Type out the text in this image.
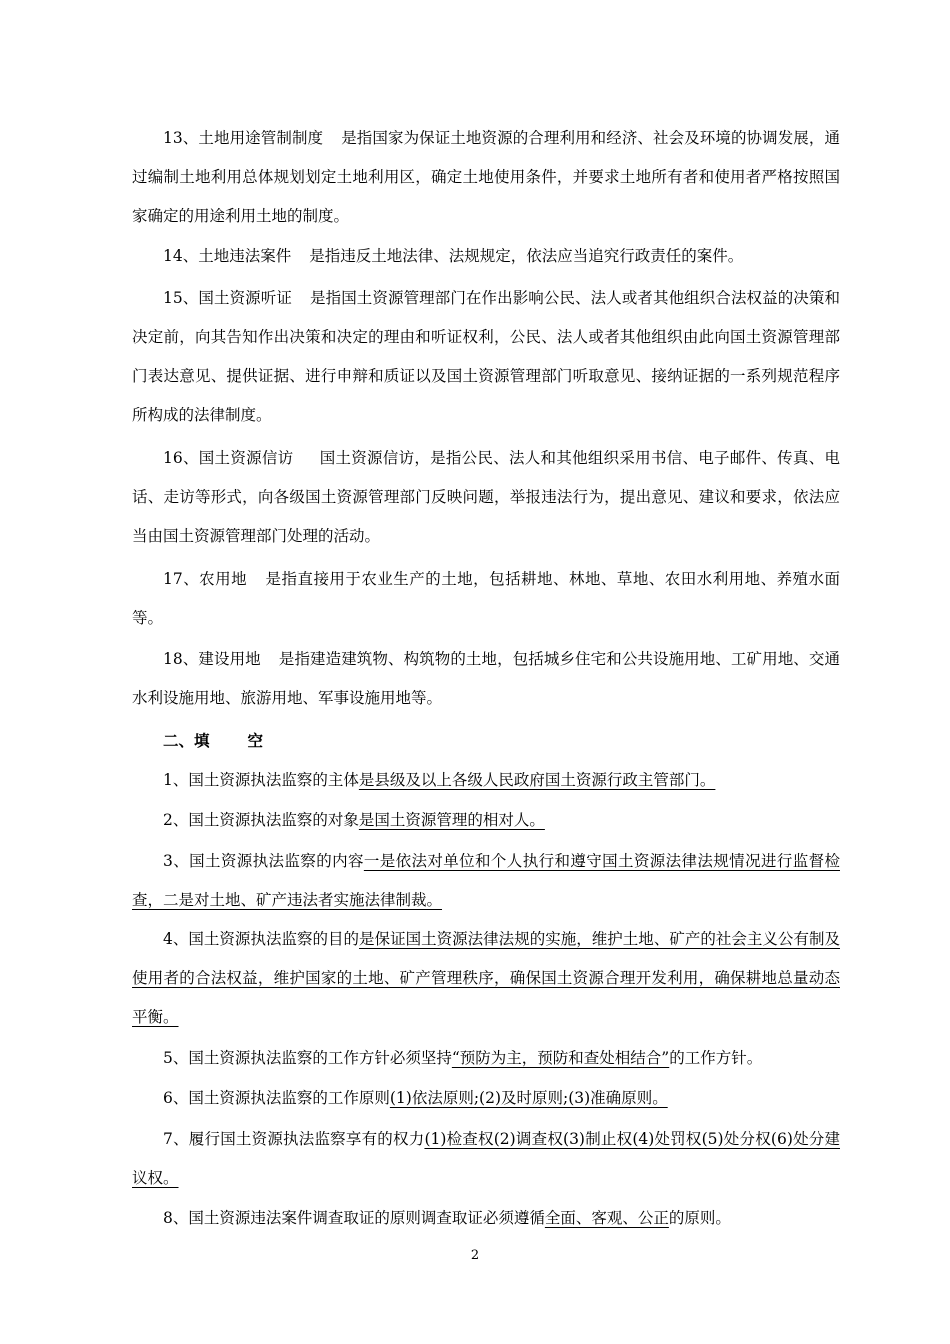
13、土地用途管制制度 是指国家为保证土地资源的合理利用和经济、社会及环境的协调发展，通过编制土地利用总体规划划定土地利用区，确定土地使用条件，并要求土地所有者和使用者严格按照国家确定的用途利用土地的制度。

14、土地违法案件 是指违反土地法律、法规规定，依法应当追究行政责任的案件。

15、国土资源听证 是指国土资源管理部门在作出影响公民、法人或者其他组织合法权益的决策和决定前，向其告知作出决策和决定的理由和听证权利，公民、法人或者其他组织由此向国土资源管理部门表达意见、提供证据、进行申辩和质证以及国土资源管理部门听取意见、接纳证据的一系列规范程序所构成的法律制度。

16、国土资源信访 国土资源信访，是指公民、法人和其他组织采用书信、电子邮件、传真、电话、走访等形式，向各级国土资源管理部门反映问题，举报违法行为，提出意见、建议和要求，依法应当由国土资源管理部门处理的活动。

17、农用地 是指直接用于农业生产的土地，包括耕地、林地、草地、农田水利用地、养殖水面等。

18、建设用地 是指建造建筑物、构筑物的土地，包括城乡住宅和公共设施用地、工矿用地、交通水利设施用地、旅游用地、军事设施用地等。

二、填 空

1、国土资源执法监察的主体是县级及以上各级人民政府国土资源行政主管部门。

2、国土资源执法监察的对象是国土资源管理的相对人。

3、国土资源执法监察的内容一是依法对单位和个人执行和遵守国土资源法律法规情况进行监督检查，二是对土地、矿产违法者实施法律制裁。

4、国土资源执法监察的目的是保证国土资源法律法规的实施，维护土地、矿产的社会主义公有制及使用者的合法权益，维护国家的土地、矿产管理秩序，确保国土资源合理开发利用，确保耕地总量动态平衡。

5、国土资源执法监察的工作方针必须坚持“预防为主，预防和查处相结合”的工作方针。

6、国土资源执法监察的工作原则(1)依法原则;(2)及时原则;(3)准确原则。

7、履行国土资源执法监察享有的权力(1)检查权(2)调查权(3)制止权(4)处罚权(5)处分权(6)处分建议权。

8、国土资源违法案件调查取证的原则调查取证必须遵循全面、客观、公正的原则。

2
